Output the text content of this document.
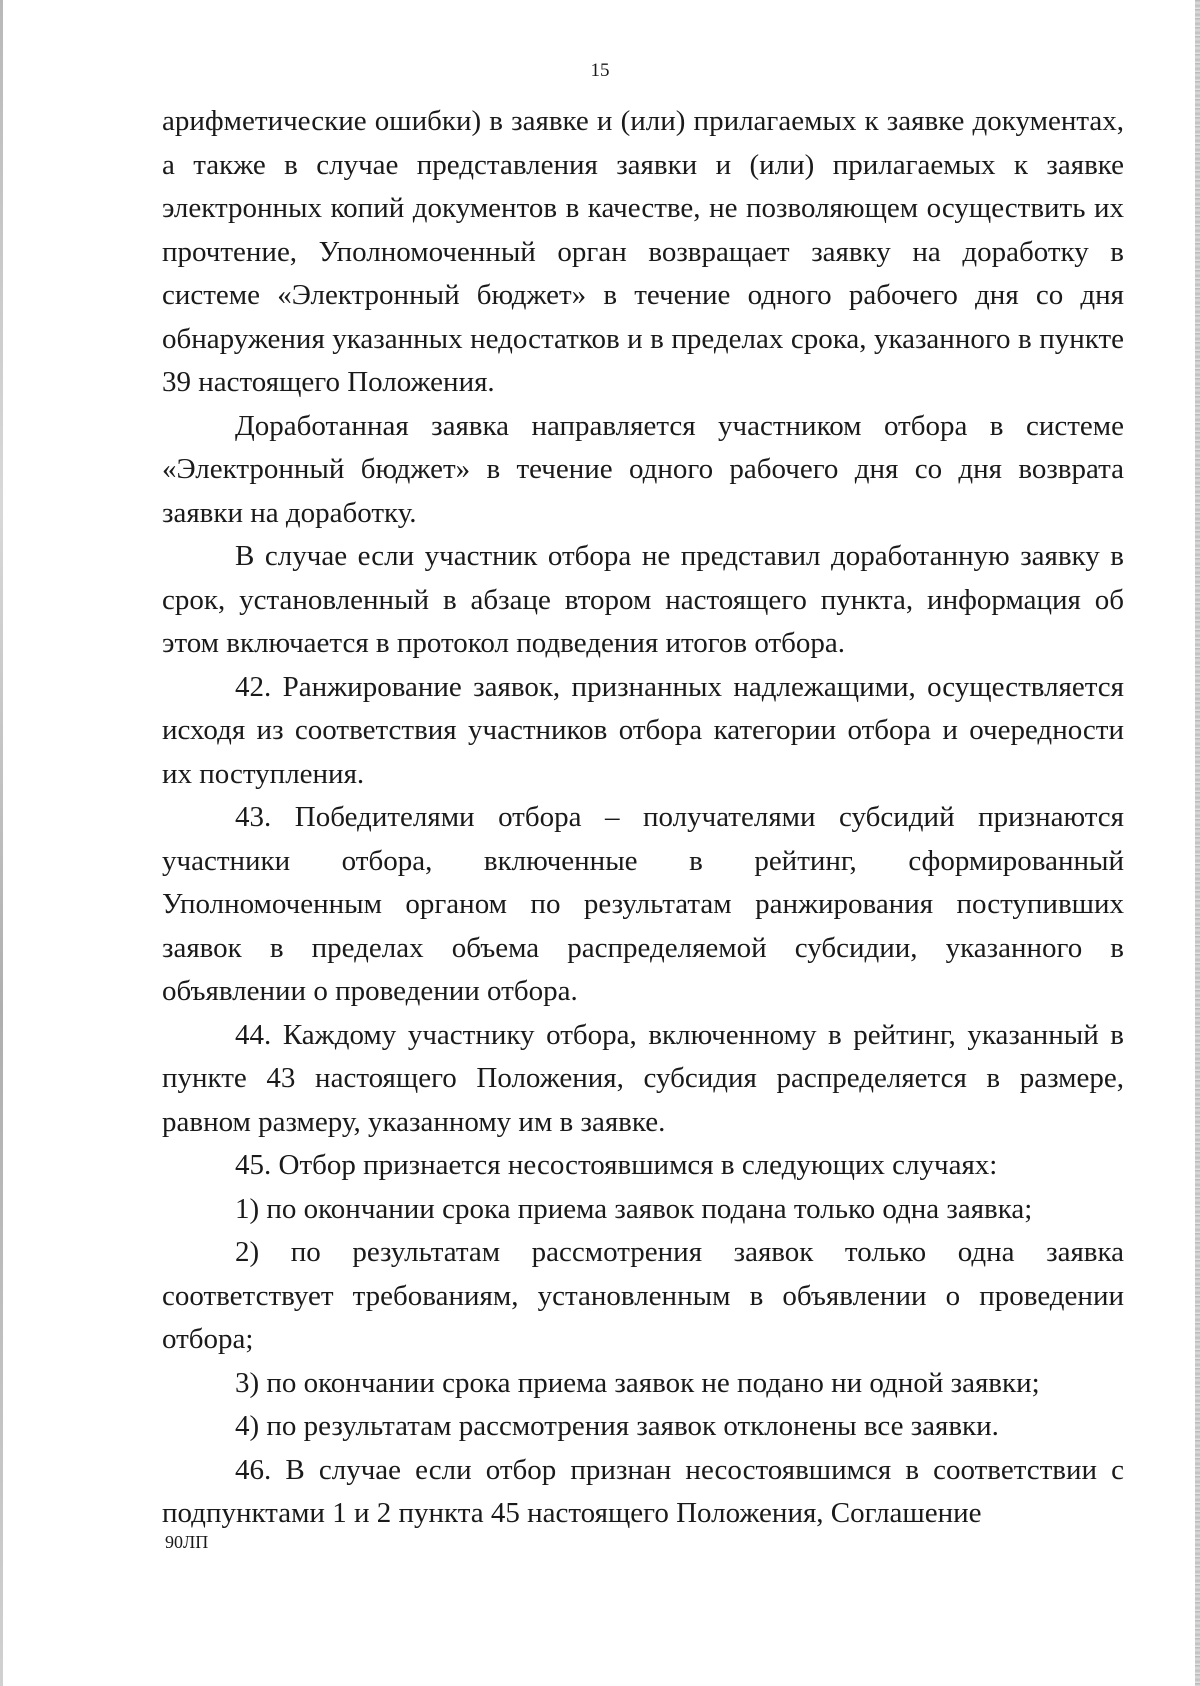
15

арифметические ошибки) в заявке и (или) прилагаемых к заявке документах, а также в случае представления заявки и (или) прилагаемых к заявке электронных копий документов в качестве, не позволяющем осуществить их прочтение, Уполномоченный орган возвращает заявку на доработку в системе «Электронный бюджет» в течение одного рабочего дня со дня обнаружения указанных недостатков и в пределах срока, указанного в пункте 39 настоящего Положения.

Доработанная заявка направляется участником отбора в системе «Электронный бюджет» в течение одного рабочего дня со дня возврата заявки на доработку.

В случае если участник отбора не представил доработанную заявку в срок, установленный в абзаце втором настоящего пункта, информация об этом включается в протокол подведения итогов отбора.

42. Ранжирование заявок, признанных надлежащими, осуществляется исходя из соответствия участников отбора категории отбора и очередности их поступления.

43. Победителями отбора – получателями субсидий признаются участники отбора, включенные в рейтинг, сформированный Уполномоченным органом по результатам ранжирования поступивших заявок в пределах объема распределяемой субсидии, указанного в объявлении о проведении отбора.

44. Каждому участнику отбора, включенному в рейтинг, указанный в пункте 43 настоящего Положения, субсидия распределяется в размере, равном размеру, указанному им в заявке.

45. Отбор признается несостоявшимся в следующих случаях:

1) по окончании срока приема заявок подана только одна заявка;

2) по результатам рассмотрения заявок только одна заявка соответствует требованиям, установленным в объявлении о проведении отбора;

3) по окончании срока приема заявок не подано ни одной заявки;

4) по результатам рассмотрения заявок отклонены все заявки.

46. В случае если отбор признан несостоявшимся в соответствии с подпунктами 1 и 2 пункта 45 настоящего Положения, Соглашение

90ЛП
